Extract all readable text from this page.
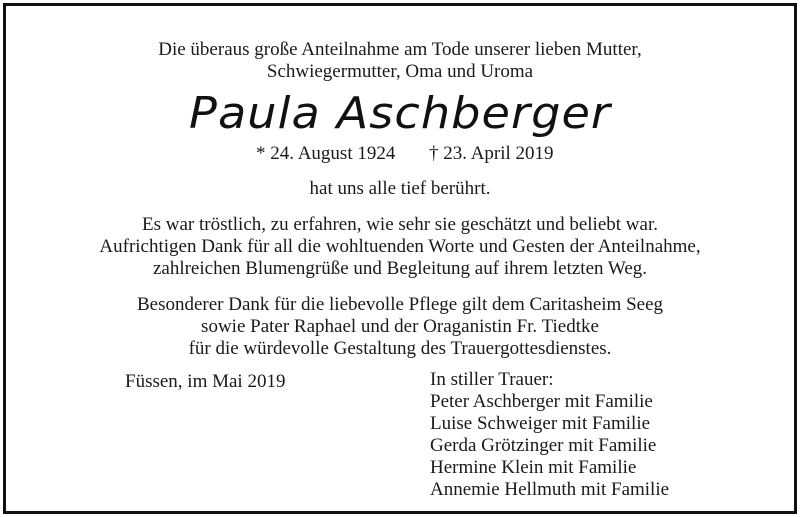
Die überaus große Anteilnahme am Tode unserer lieben Mutter,
Schwiegermutter, Oma und Uroma
Paula Aschberger
* 24. August 1924 † 23. April 2019
hat uns alle tief berührt.
Es war tröstlich, zu erfahren, wie sehr sie geschätzt und beliebt war.
Aufrichtigen Dank für all die wohltuenden Worte und Gesten der Anteilnahme,
zahlreichen Blumengrüße und Begleitung auf ihrem letzten Weg.
Besonderer Dank für die liebevolle Pflege gilt dem Caritasheim Seeg
sowie Pater Raphael und der Oraganistin Fr. Tiedtke
für die würdevolle Gestaltung des Trauergottesdienstes.
Füssen, im Mai 2019	In stiller Trauer:
Peter Aschberger mit Familie
Luise Schweiger mit Familie
Gerda Grötzinger mit Familie
Hermine Klein mit Familie
Annemie Hellmuth mit Familie
